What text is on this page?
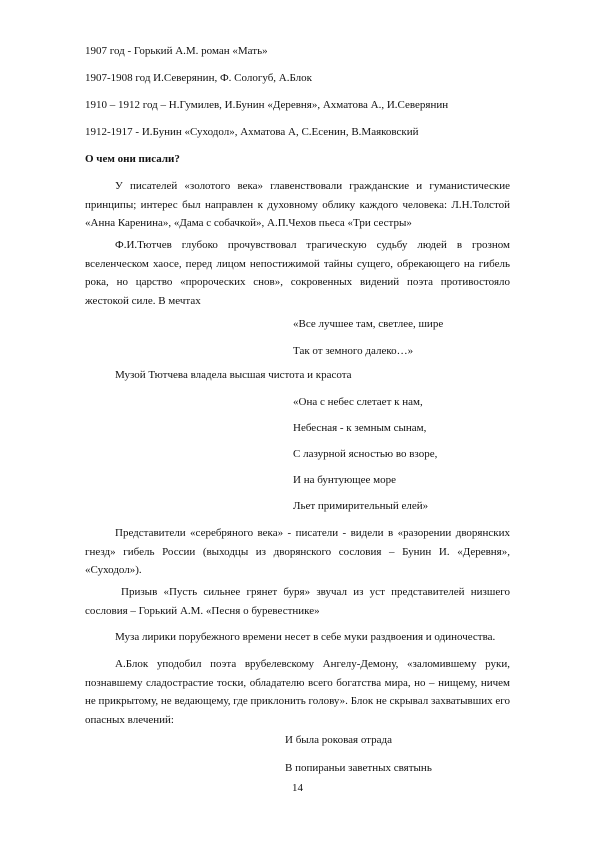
1907 год - Горький А.М. роман «Мать»
1907-1908 год И.Северянин, Ф. Сологуб, А.Блок
1910 – 1912 год – Н.Гумилев, И.Бунин «Деревня», Ахматова А., И.Северянин
1912-1917 - И.Бунин «Суходол», Ахматова А, С.Есенин, В.Маяковский
О чем они писали?
У писателей «золотого века» главенствовали гражданские и гуманистические принципы; интерес был направлен к духовному облику каждого человека: Л.Н.Толстой «Анна Каренина», «Дама с собачкой», А.П.Чехов пьеса «Три сестры»
Ф.И.Тютчев глубоко прочувствовал трагическую судьбу людей в грозном вселенческом хаосе, перед лицом непостижимой тайны сущего, обрекающего на гибель рока, но царство «пророческих снов», сокровенных видений поэта противостояло жестокой силе. В мечтах
«Все лучшее там, светлее, шире
Так от земного далеко…»
Музой Тютчева владела высшая чистота и красота
«Она с небес слетает к нам,
Небесная - к земным сынам,
С лазурной ясностью во взоре,
И на бунтующее море
Льет примирительный елей»
Представители «серебряного века» - писатели - видели в «разорении дворянских гнезд» гибель России (выходцы из дворянского сословия – Бунин И. «Деревня», «Суходол»).
Призыв «Пусть сильнее грянет буря» звучал из уст представителей низшего сословия – Горький А.М. «Песня о буревестнике»
Муза лирики порубежного времени несет в себе муки раздвоения и одиночества.
А.Блок уподобил поэта врубелевскому Ангелу-Демону, «заломившему руки, познавшему сладострастие тоски, обладателю всего богатства мира, но – нищему, ничем не прикрытому, не ведающему, где приклонить голову». Блок не скрывал захватывших его опасных влечений:
И была роковая отрада
В попираньи заветных святынь
14
